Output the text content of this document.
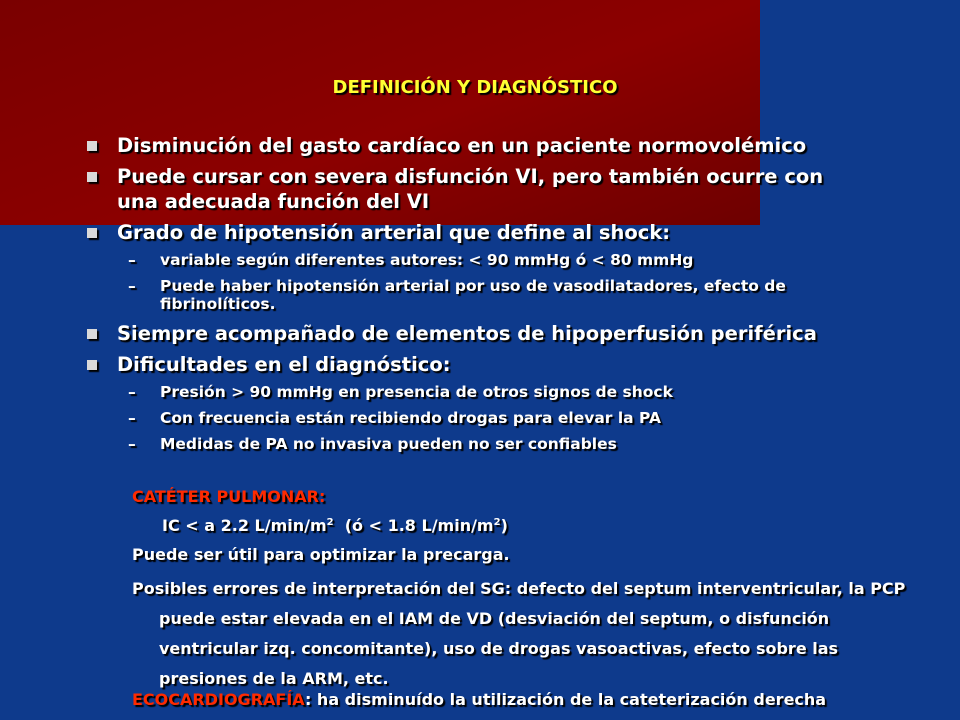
DEFINICIÓN Y DIAGNÓSTICO
Disminución del gasto cardíaco en un paciente normovolémico
Puede cursar con severa disfunción VI, pero también ocurre con una adecuada función del VI
Grado de hipotensión arterial que define al shock:
– variable según diferentes autores: < 90 mmHg ó < 80 mmHg
– Puede haber hipotensión arterial por uso de vasodilatadores, efecto de fibrinolíticos.
Siempre acompañado de elementos de hipoperfusión periférica
Dificultades en el diagnóstico:
– Presión > 90 mmHg en presencia de otros signos de shock
– Con frecuencia están recibiendo drogas para elevar la PA
– Medidas de PA no invasiva pueden no ser confiables
CATÉTER PULMONAR:
IC < a 2.2 $L/\min/m^2$  (ó < 1.8 $L/\min/m^2$)
Puede ser útil para optimizar la precarga.
Posibles errores de interpretación del SG: defecto del septum interventricular, la PCP puede estar elevada en el IAM de VD (desviación del septum, o disfunción ventricular izq. concomitante), uso de drogas vasoactivas, efecto sobre las presiones de la ARM, etc.
ECOCARDIOGRAFÍA: ha disminuído la utilización de la cateterización derecha
